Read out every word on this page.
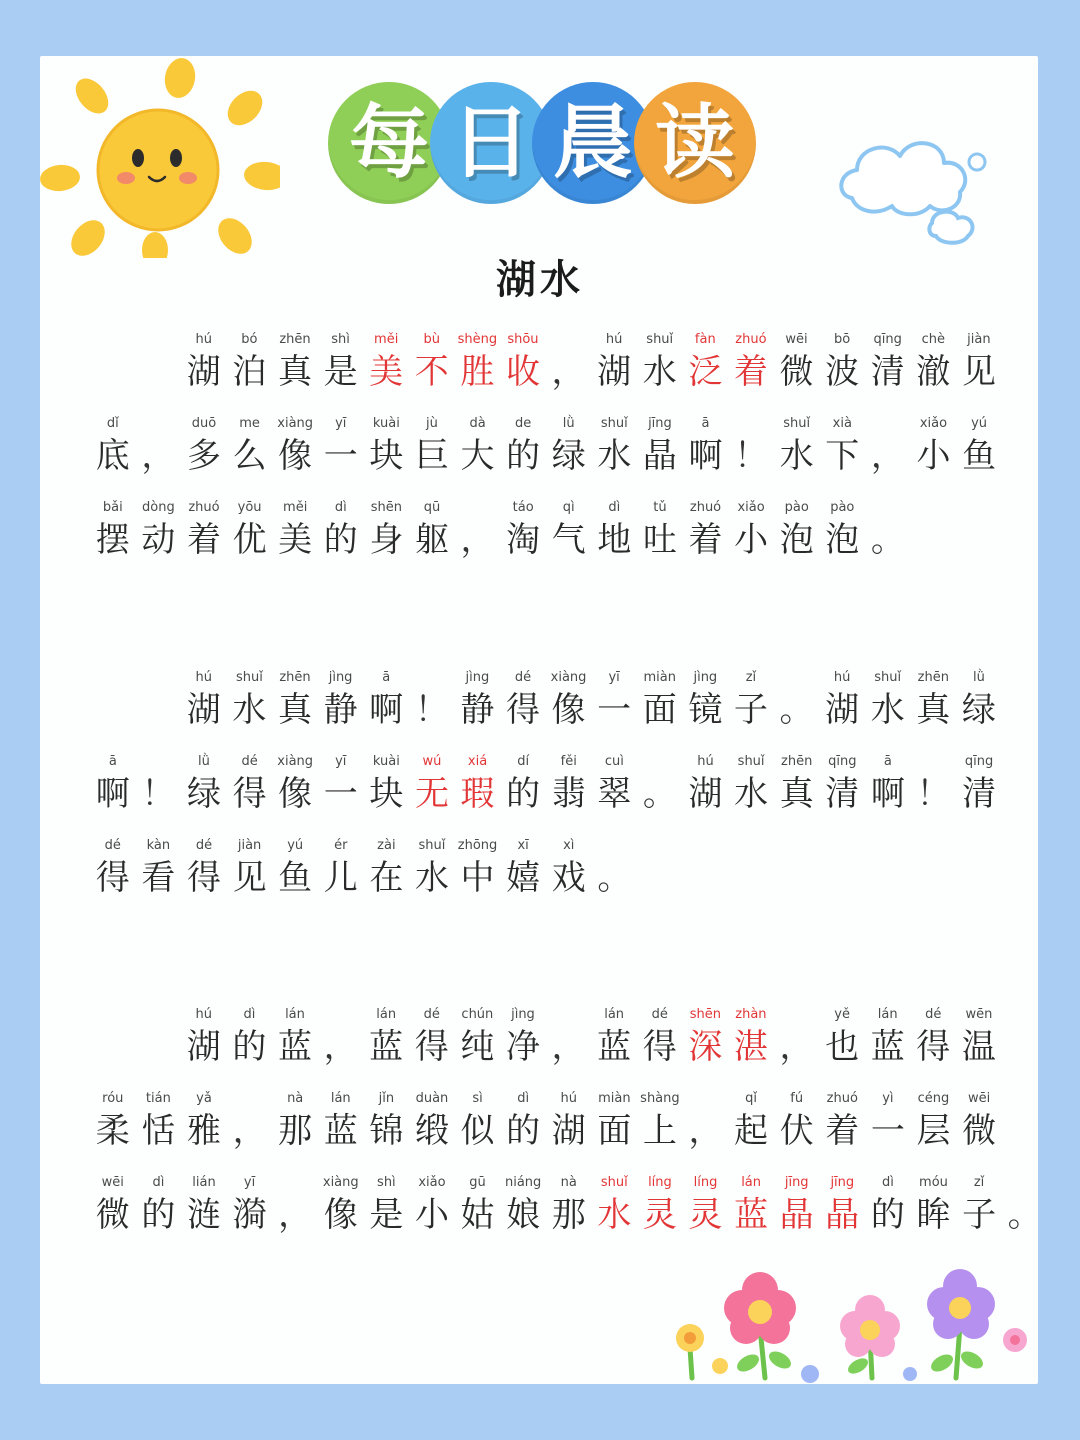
每 日 晨 读
湖水
hú
湖
bó
泊
zhēn
真
shì
是
měi
美
bù
不
shèng
胜
shōu
收 ，
hú
湖
shuǐ
水
fàn
泛
zhuó
着
wēi
微
bō
波
qīng
清
chè
澈
jiàn
见
dǐ
底 ，
duō
多
me
么
xiàng
像
yī
一
kuài
块
jù
巨
dà
大
de
的
lǜ
绿
shuǐ
水
jīng
晶
ā
啊 ！
shuǐ
水
xià
下 ，
xiǎo
小
yú
鱼
bǎi
摆
dòng
动
zhuó
着
yōu
优
měi
美
dì
的
shēn
身
qū
躯 ，
táo
淘
qì
气
dì
地
tǔ
吐
zhuó
着
xiǎo
小
pào
泡
pào
泡 。
hú
湖
shuǐ
水
zhēn
真
jìng
静
ā
啊 ！
jìng
静
dé
得
xiàng
像
yī
一
miàn
面
jìng
镜
zǐ
子 。
hú
湖
shuǐ
水
zhēn
真
lǜ
绿
ā
啊 ！
lǜ
绿
dé
得
xiàng
像
yī
一
kuài
块
wú
无
xiá
瑕
dí
的
fěi
翡
cuì
翠 。
hú
湖
shuǐ
水
zhēn
真
qīng
清
ā
啊 ！
qīng
清
dé
得
kàn
看
dé
得
jiàn
见
yú
鱼
ér
儿
zài
在
shuǐ
水
zhōng
中
xī
嬉
xì
戏 。
hú
湖
dì
的
lán
蓝 ，
lán
蓝
dé
得
chún
纯
jìng
净 ，
lán
蓝
dé
得
shēn
深
zhàn
湛 ，
yě
也
lán
蓝
dé
得
wēn
温
róu
柔
tián
恬
yǎ
雅 ，
nà
那
lán
蓝
jǐn
锦
duàn
缎
sì
似
dì
的
hú
湖
miàn
面
shàng
上 ，
qǐ
起
fú
伏
zhuó
着
yì
一
céng
层
wēi
微
wēi
微
dì
的
lián
涟
yī
漪 ，
xiàng
像
shì
是
xiǎo
小
gū
姑
niáng
娘
nà
那
shuǐ
水
líng
灵
líng
灵
lán
蓝
jīng
晶
jīng
晶
dì
的
móu
眸
zǐ
子 。
